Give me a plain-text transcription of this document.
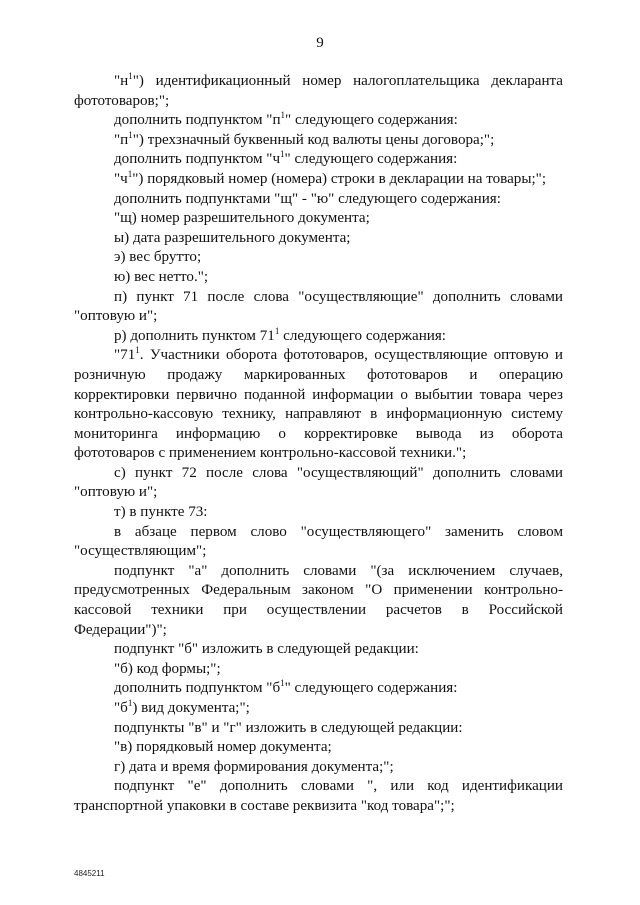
9

"$н^1$") идентификационный номер налогоплательщика декларанта

фототоваров;";

дополнить подпунктом "$п^1$" следующего содержания:

"$п^1$") трехзначный буквенный код валюты цены договора;";

дополнить подпунктом "$ч^1$" следующего содержания:

"$ч^1$") порядковый номер (номера) строки в декларации на товары;";

дополнить подпунктами "щ" - "ю" следующего содержания:

"щ) номер разрешительного документа;

ы) дата разрешительного документа;

э) вес брутто;

ю) вес нетто.";

п) пункт 71 после слова "осуществляющие" дополнить словами

"оптовую и";

р) дополнить пунктом $71^1$ следующего содержания:

"$71^1$. Участники оборота фототоваров, осуществляющие оптовую и

розничную продажу маркированных фототоваров и операцию

корректировки первично поданной информации о выбытии товара через

контрольно-кассовую технику, направляют в информационную систему

мониторинга информацию о корректировке вывода из оборота

фототоваров с применением контрольно-кассовой техники.";

с) пункт 72 после слова "осуществляющий" дополнить словами

"оптовую и";

т) в пункте 73:

в абзаце первом слово "осуществляющего" заменить словом

"осуществляющим";

подпункт "а" дополнить словами "(за исключением случаев,

предусмотренных Федеральным законом "О применении контрольно-

кассовой техники при осуществлении расчетов в Российской

Федерации")";

подпункт "б" изложить в следующей редакции:

"б) код формы;";

дополнить подпунктом "$б^1$" следующего содержания:

"$б^1$) вид документа;";

подпункты "в" и "г" изложить в следующей редакции:

"в) порядковый номер документа;

г) дата и время формирования документа;";

подпункт "е" дополнить словами ", или код идентификации

транспортной упаковки в составе реквизита "код товара";";

4845211
